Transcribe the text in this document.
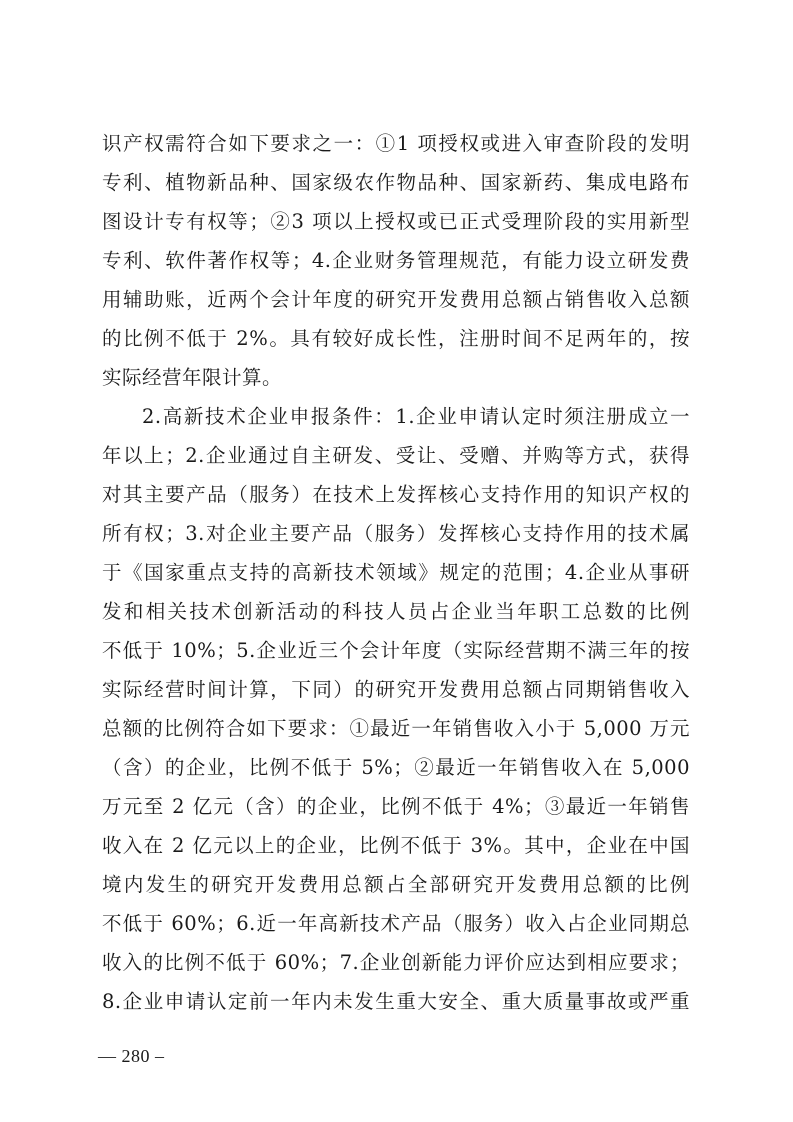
识产权需符合如下要求之一：①1 项授权或进入审查阶段的发明
专利、植物新品种、国家级农作物品种、国家新药、集成电路布
图设计专有权等；②3 项以上授权或已正式受理阶段的实用新型
专利、软件著作权等；4.企业财务管理规范，有能力设立研发费
用辅助账，近两个会计年度的研究开发费用总额占销售收入总额
的比例不低于 2%。具有较好成长性，注册时间不足两年的，按
实际经营年限计算。
2.高新技术企业申报条件：1.企业申请认定时须注册成立一
年以上；2.企业通过自主研发、受让、受赠、并购等方式，获得
对其主要产品（服务）在技术上发挥核心支持作用的知识产权的
所有权；3.对企业主要产品（服务）发挥核心支持作用的技术属
于《国家重点支持的高新技术领域》规定的范围；4.企业从事研
发和相关技术创新活动的科技人员占企业当年职工总数的比例
不低于 10%；5.企业近三个会计年度（实际经营期不满三年的按
实际经营时间计算，下同）的研究开发费用总额占同期销售收入
总额的比例符合如下要求：①最近一年销售收入小于 5,000 万元
（含）的企业，比例不低于 5%；②最近一年销售收入在 5,000
万元至 2 亿元（含）的企业，比例不低于 4%；③最近一年销售
收入在 2 亿元以上的企业，比例不低于 3%。其中，企业在中国
境内发生的研究开发费用总额占全部研究开发费用总额的比例
不低于 60%；6.近一年高新技术产品（服务）收入占企业同期总
收入的比例不低于 60%；7.企业创新能力评价应达到相应要求；
8.企业申请认定前一年内未发生重大安全、重大质量事故或严重
— 280 –
